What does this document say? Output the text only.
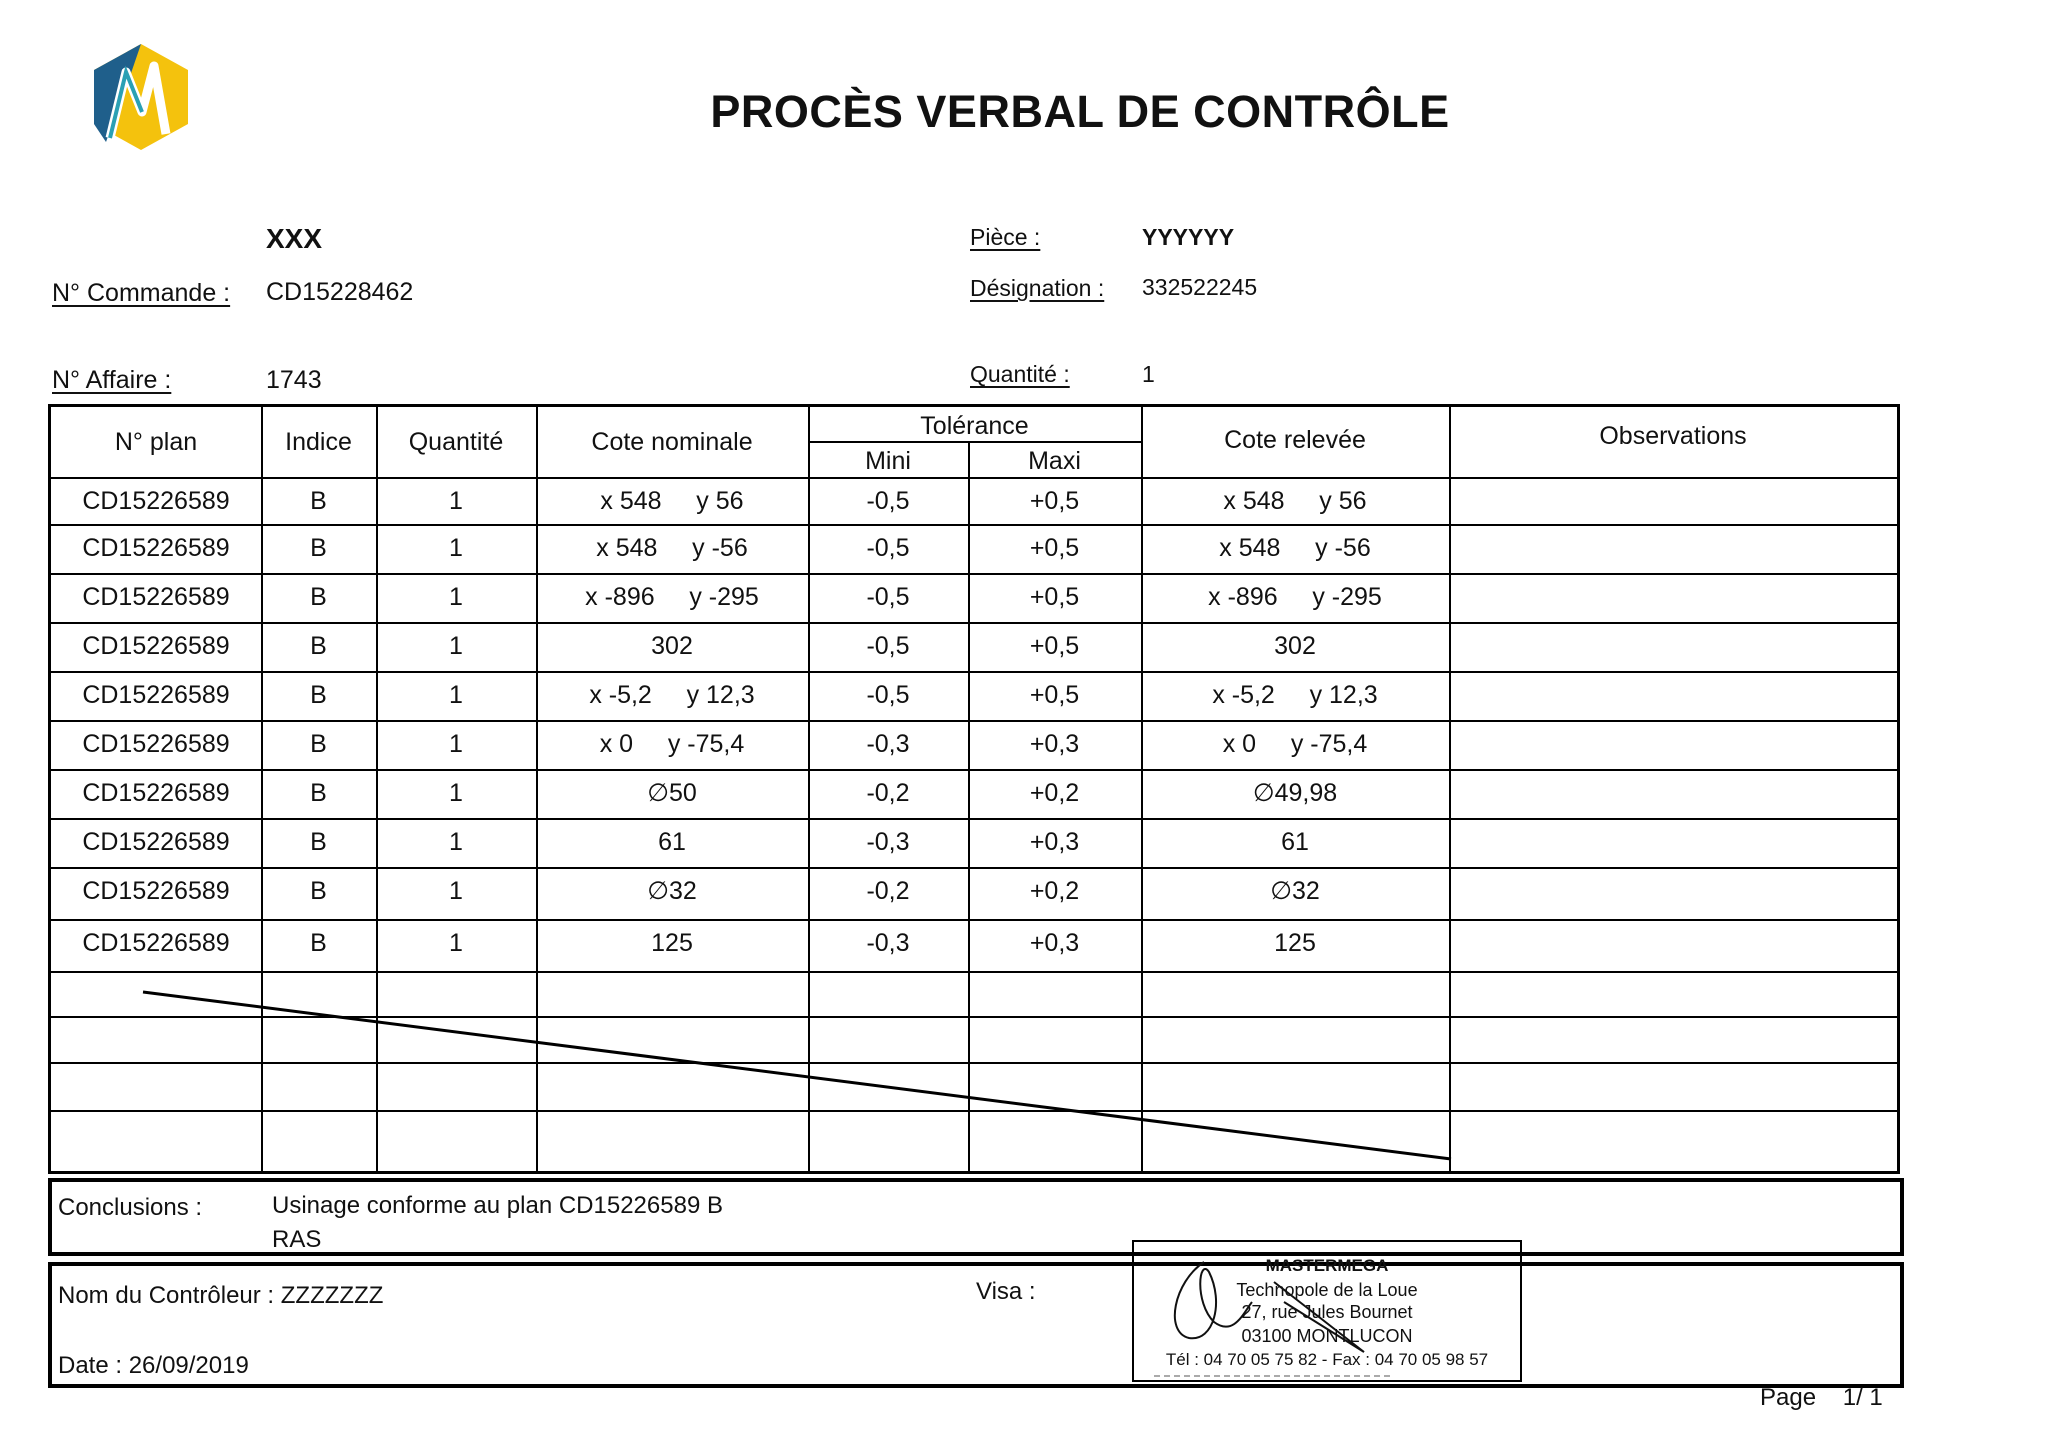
PROCÈS VERBAL DE CONTRÔLE
XXX
N° Commande : CD15228462
N° Affaire :	1743
Pièce :	YYYYYY
Désignation : 332522245
Quantité :	1
N° plan	Indice	Quantité	Cote nominale
Tolérance
Mini	Maxi
Cote relevée	Observations
CD15226589	B	1	x 548     y 56	-0,5	+0,5	x 548     y 56
CD15226589	B	1	x 548     y -56	-0,5	+0,5	x 548     y -56
CD15226589	B	1	x -896     y -295	-0,5	+0,5	x -896     y -295
CD15226589	B	1	302	-0,5	+0,5	302
CD15226589	B	1	x -5,2     y 12,3	-0,5	+0,5	x -5,2     y 12,3
CD15226589	B	1	x 0     y -75,4	-0,3	+0,3	x 0     y -75,4
CD15226589	B	1	∅50	-0,2	+0,2	∅49,98
CD15226589	B	1	61	-0,3	+0,3	61
CD15226589	B	1	∅32	-0,2	+0,2	∅32
CD15226589	B	1	125	-0,3	+0,3	125
Conclusions :	Usinage conforme au plan CD15226589 B
RAS
Nom du Contrôleur : ZZZZZZZ
Date : 26/09/2019
Visa :
MASTERMEGA
Technopole de la Loue
27, rue Jules Bournet
03100 MONTLUCON
Tél : 04 70 05 75 82 - Fax : 04 70 05 98 57
Page    1/ 1
